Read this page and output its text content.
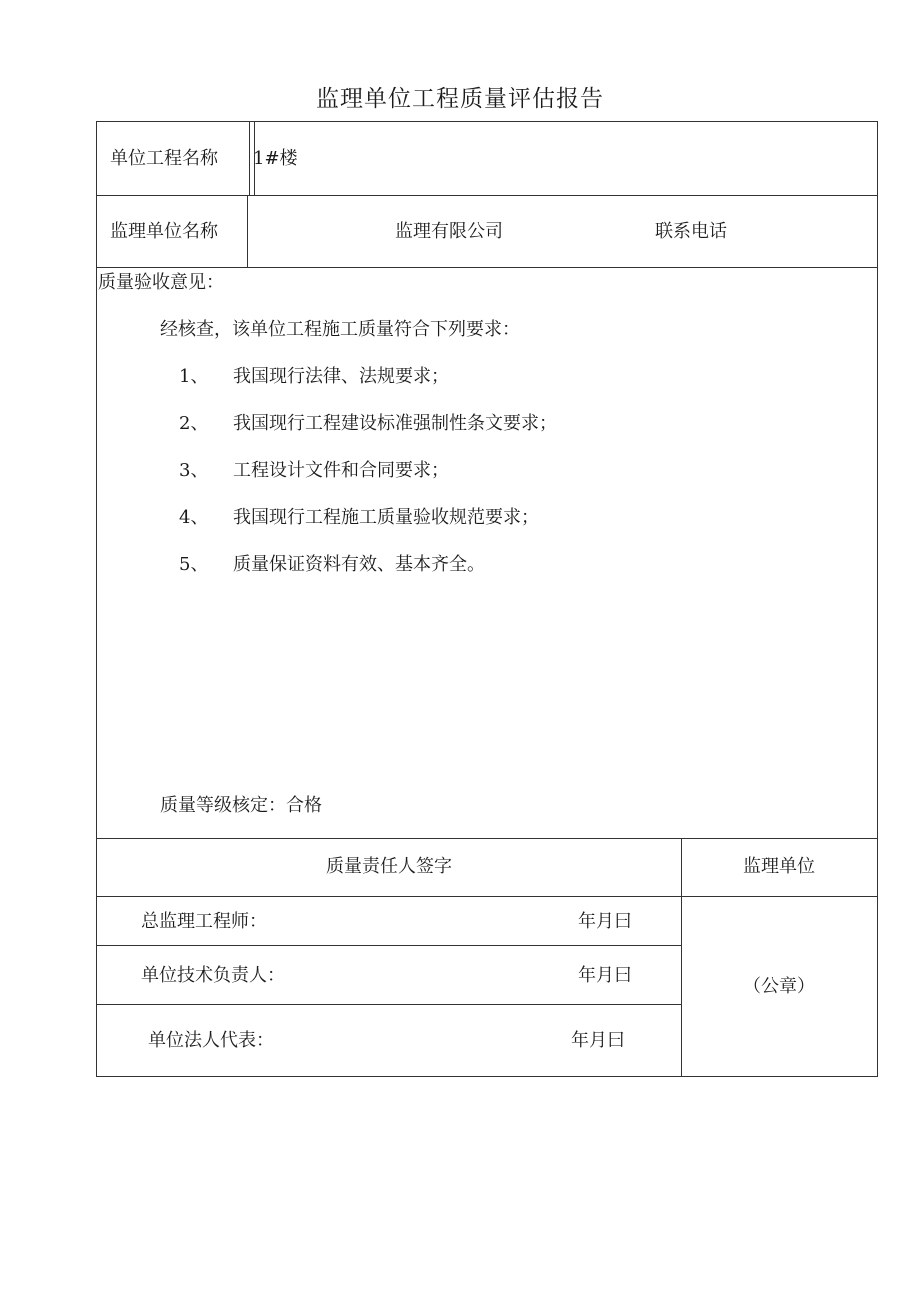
监理单位工程质量评估报告
单位工程名称 1#楼
监理单位名称	监理有限公司	联系电话
质量验收意见：
经核查，该单位工程施工质量符合下列要求：
1、 我国现行法律、法规要求；
2、 我国现行工程建设标准强制性条文要求；
3、 工程设计文件和合同要求；
4、 我国现行工程施工质量验收规范要求；
5、 质量保证资料有效、基本齐全。
质量等级核定：合格
质量责任人签字	监理单位
总监理工程师：	年月曰
单位技术负责人：	年月曰
单位法人代表：	年月曰
（公章）
